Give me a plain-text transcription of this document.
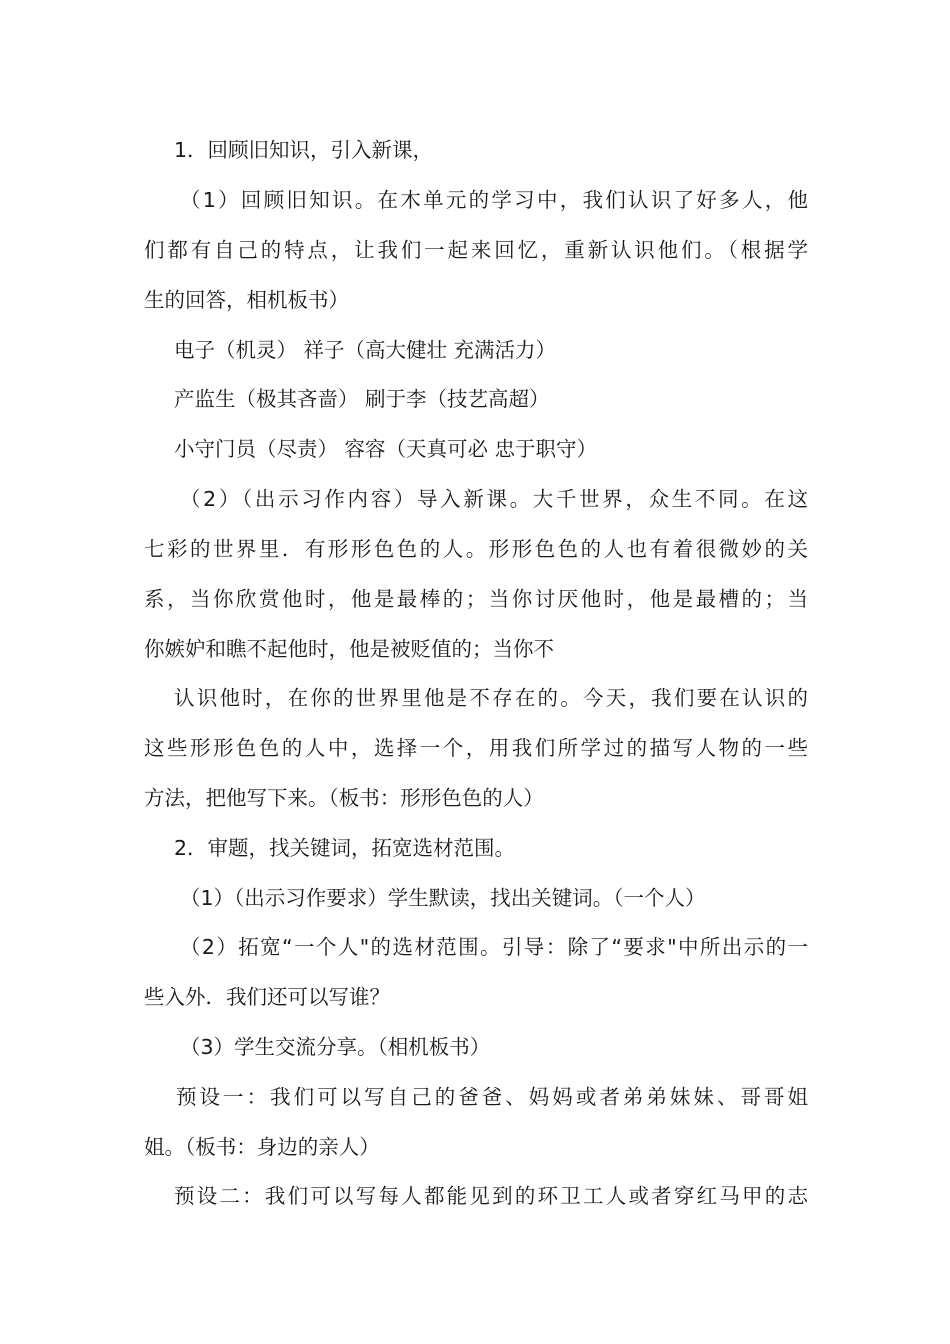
1．回顾旧知识，引入新课，
（1）回顾旧知识。在木单元的学习中，我们认识了好多人，他
们都有自己的特点，让我们一起来回忆，重新认识他们。（根据学
生的回答，相机板书）
电子（机灵） 祥子（高大健壮 充满活力）
产监生（极其吝啬） 刷于李（技艺高超）
小守门员（尽责） 容容（天真可必 忠于职守）
（2）（出示习作内容）导入新课。大千世界，众生不同。在这
七彩的世界里．有形形色色的人。形形色色的人也有着很微妙的关
系，当你欣赏他时，他是最棒的；当你讨厌他时，他是最槽的；当
你嫉妒和瞧不起他时，他是被贬值的；当你不
认识他时，在你的世界里他是不存在的。今天，我们要在认识的
这些形形色色的人中，选择一个，用我们所学过的描写人物的一些
方法，把他写下来。（板书：形形色色的人）
2．审题，找关键词，拓宽选材范围。
（1）（出示习作要求）学生默读，找出关键词。（一个人）
（2）拓宽“一个人"的选材范围。引导：除了“要求"中所出示的一
些入外．我们还可以写谁？
（3）学生交流分享。（相机板书）
预设一：我们可以写自己的爸爸、妈妈或者弟弟妹妹、哥哥姐
姐。（板书：身边的亲人）
预设二：我们可以写每人都能见到的环卫工人或者穿红马甲的志
